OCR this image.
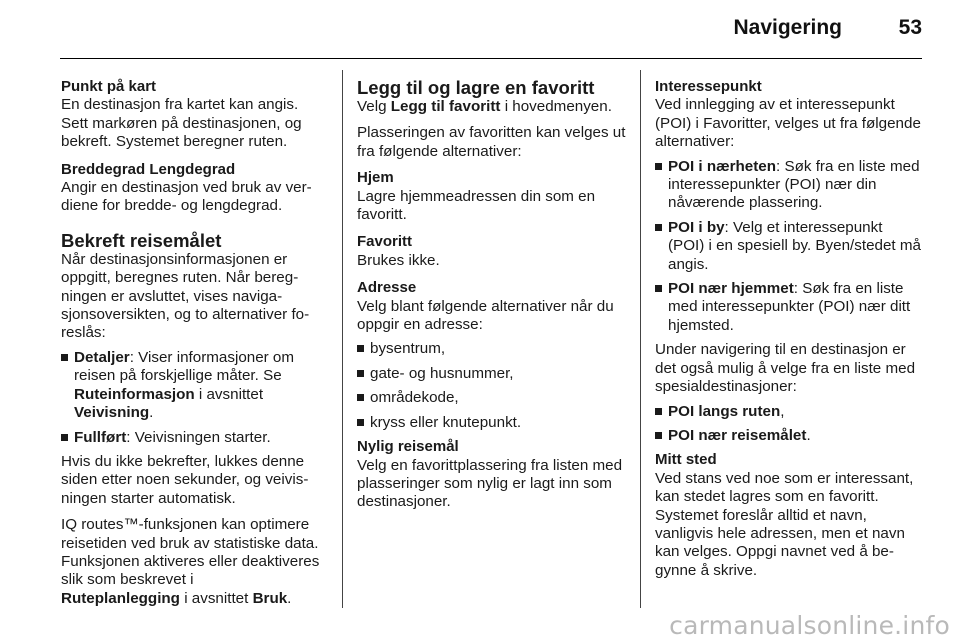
Navigering	53
Punkt på kart

En destinasjon fra kartet kan angis. Sett markøren på destinasjonen, og bekreft. Systemet beregner ruten.

Breddegrad Lengdegrad

Angir en destinasjon ved bruk av verdiene for bredde- og lengdegrad.

Bekreft reisemålet

Når destinasjonsinformasjonen er oppgitt, beregnes ruten. Når beregningen er avsluttet, vises navigasjonsoversikten, og to alternativer foreslås:

Detaljer: Viser informasjoner om reisen på forskjellige måter. Se Ruteinformasjon i avsnittet Veivisning.
Fullført: Veivisningen starter.

Hvis du ikke bekrefter, lukkes denne siden etter noen sekunder, og veivisningen starter automatisk.

IQ routes™-funksjonen kan optimere reisetiden ved bruk av statistiske data. Funksjonen aktiveres eller deaktiveres slik som beskrevet i
Ruteplanlegging i avsnittet Bruk.

Legg til og lagre en favoritt

Velg Legg til favoritt i hovedmenyen.

Plasseringen av favoritten kan velges ut fra følgende alternativer:

Hjem

Lagre hjemmeadressen din som en favoritt.

Favoritt

Brukes ikke.

Adresse

Velg blant følgende alternativer når du oppgir en adresse:

bysentrum,
gate- og husnummer,
områdekode,
kryss eller knutepunkt.
Nylig reisemål

Velg en favorittplassering fra listen med plasseringer som nylig er lagt inn som destinasjoner.

Interessepunkt

Ved innlegging av et interessepunkt (POI) i Favoritter, velges ut fra følgende alternativer:

POI i nærheten: Søk fra en liste med interessepunkter (POI) nær din nåværende plassering.
POI i by: Velg et interessepunkt (POI) i en spesiell by. Byen/stedet må angis.
POI nær hjemmet: Søk fra en liste med interessepunkter (POI) nær ditt hjemsted.

Under navigering til en destinasjon er det også mulig å velge fra en liste med spesialdestinasjoner:

POI langs ruten,
POI nær reisemålet.
Mitt sted

Ved stans ved noe som er interessant, kan stedet lagres som en favoritt. Systemet foreslår alltid et navn, vanligvis hele adressen, men et navn kan velges. Oppgi navnet ved å begynne å skrive.

carmanualsonline.info
